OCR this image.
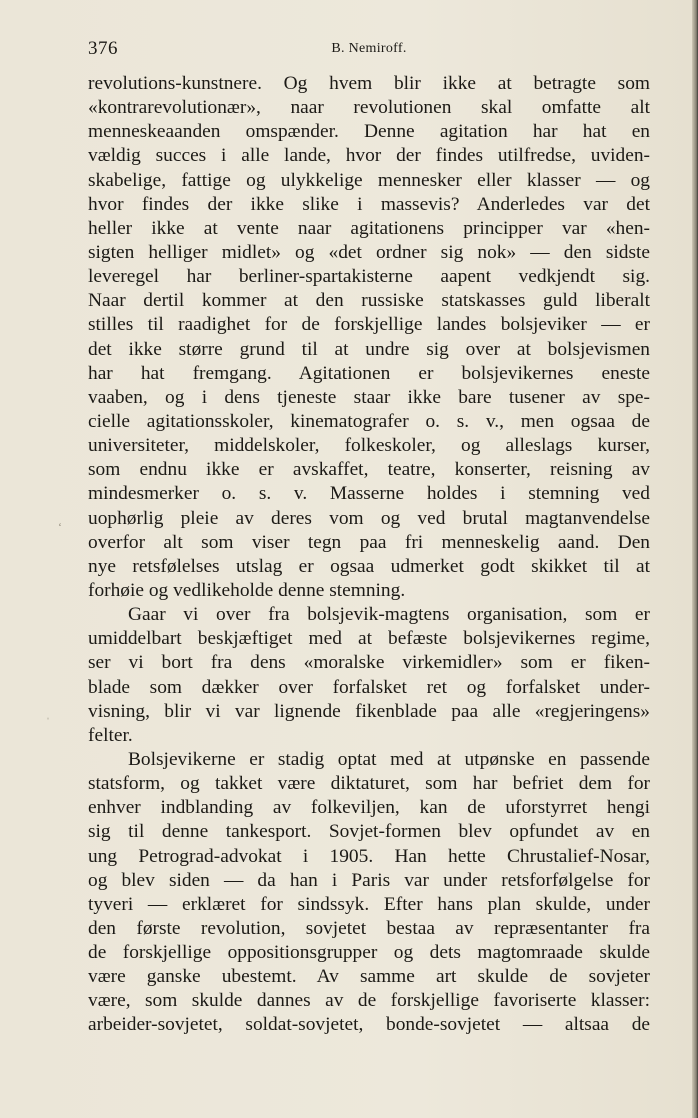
376	B. Nemiroff.
ʻ
ˈ
revolutions-kunstnere. Og hvem blir ikke at betragte som
«kontrarevolutionær», naar revolutionen skal omfatte alt
menneskeaanden omspænder. Denne agitation har hat en
vældig succes i alle lande, hvor der findes utilfredse, uviden-
skabelige, fattige og ulykkelige mennesker eller klasser — og
hvor findes der ikke slike i massevis? Anderledes var det
heller ikke at vente naar agitationens principper var «hen-
sigten helliger midlet» og «det ordner sig nok» — den sidste
leveregel har berliner-spartakisterne aapent vedkjendt sig.
Naar dertil kommer at den russiske statskasses guld liberalt
stilles til raadighet for de forskjellige landes bolsjeviker — er
det ikke større grund til at undre sig over at bolsjevismen
har hat fremgang. Agitationen er bolsjevikernes eneste
vaaben, og i dens tjeneste staar ikke bare tusener av spe-
cielle agitationsskoler, kinematografer o. s. v., men ogsaa de
universiteter, middelskoler, folkeskoler, og alleslags kurser,
som endnu ikke er avskaffet, teatre, konserter, reisning av
mindesmerker o. s. v. Masserne holdes i stemning ved
uophørlig pleie av deres vom og ved brutal magtanvendelse
overfor alt som viser tegn paa fri menneskelig aand. Den
nye retsfølelses utslag er ogsaa udmerket godt skikket til at
forhøie og vedlikeholde denne stemning.
Gaar vi over fra bolsjevik-magtens organisation, som er
umiddelbart beskjæftiget med at befæste bolsjevikernes regime,
ser vi bort fra dens «moralske virkemidler» som er fiken-
blade som dækker over forfalsket ret og forfalsket under-
visning, blir vi var lignende fikenblade paa alle «regjeringens»
felter.
Bolsjevikerne er stadig optat med at utpønske en passende
statsform, og takket være diktaturet, som har befriet dem for
enhver indblanding av folkeviljen, kan de uforstyrret hengi
sig til denne tankesport. Sovjet-formen blev opfundet av en
ung Petrograd-advokat i 1905. Han hette Chrustalief-Nosar,
og blev siden — da han i Paris var under retsforfølgelse for
tyveri — erklæret for sindssyk. Efter hans plan skulde, under
den første revolution, sovjetet bestaa av repræsentanter fra
de forskjellige oppositionsgrupper og dets magtomraade skulde
være ganske ubestemt. Av samme art skulde de sovjeter
være, som skulde dannes av de forskjellige favoriserte klasser:
arbeider-sovjetet, soldat-sovjetet, bonde-sovjetet — altsaa de
